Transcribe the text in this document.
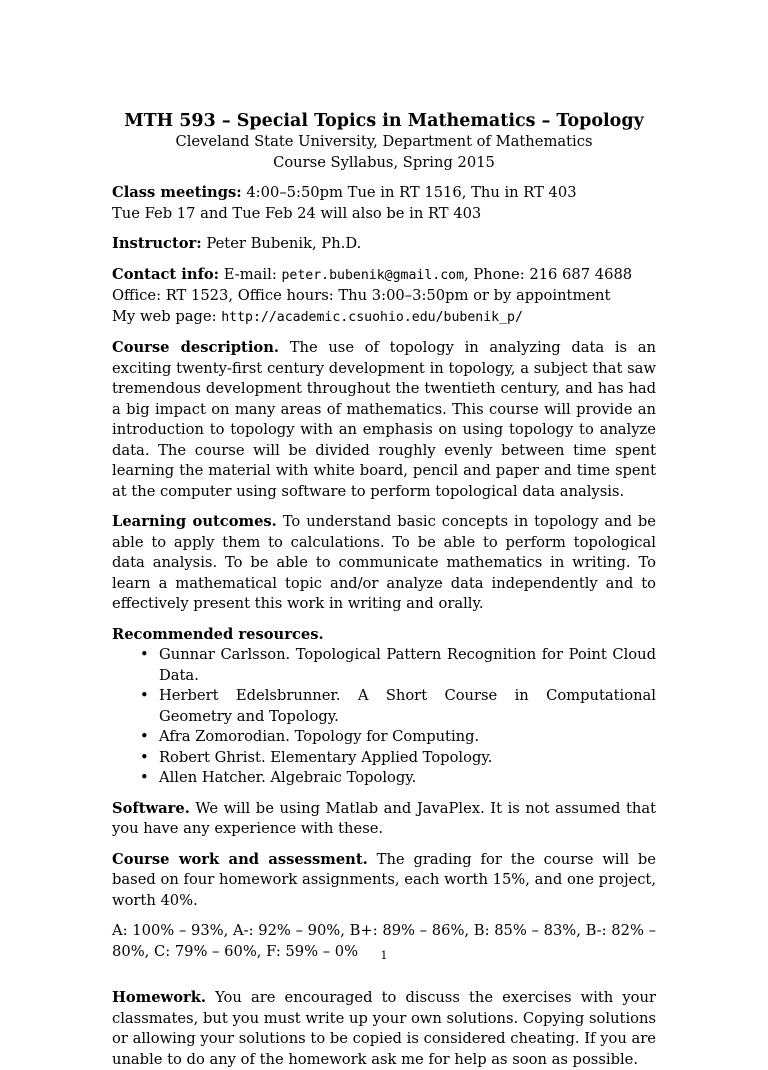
MTH 593 – Special Topics in Mathematics – Topology

Cleveland State University, Department of Mathematics

Course Syllabus, Spring 2015

Class meetings: 4:00–5:50pm Tue in RT 1516, Thu in RT 403

Tue Feb 17 and Tue Feb 24 will also be in RT 403

Instructor: Peter Bubenik, Ph.D.

Contact info: E-mail: peter.bubenik@gmail.com, Phone: 216 687 4688

Office: RT 1523, Office hours: Thu 3:00–3:50pm or by appointment

My web page: http://academic.csuohio.edu/bubenik_p/

Course description. The use of topology in analyzing data is an exciting twenty-first century development in topology, a subject that saw tremendous development throughout the twentieth century, and has had a big impact on many areas of mathematics. This course will provide an introduction to topology with an emphasis on using topology to analyze data. The course will be divided roughly evenly between time spent learning the material with white board, pencil and paper and time spent at the computer using software to perform topological data analysis.

Learning outcomes. To understand basic concepts in topology and be able to apply them to calculations. To be able to perform topological data analysis. To be able to communicate mathematics in writing. To learn a mathematical topic and/or analyze data independently and to effectively present this work in writing and orally.

Recommended resources.

• Gunnar Carlsson. Topological Pattern Recognition for Point Cloud Data.
• Herbert Edelsbrunner. A Short Course in Computational Geometry and Topology.
• Afra Zomorodian. Topology for Computing.
• Robert Ghrist. Elementary Applied Topology.
• Allen Hatcher. Algebraic Topology.

Software. We will be using Matlab and JavaPlex. It is not assumed that you have any experience with these.

Course work and assessment. The grading for the course will be based on four homework assignments, each worth 15%, and one project, worth 40%.

A: 100% – 93%, A-: 92% – 90%, B+: 89% – 86%, B: 85% – 83%, B-: 82% – 80%, C: 79% – 60%, F: 59% – 0%

Homework. You are encouraged to discuss the exercises with your classmates, but you must write up your own solutions. Copying solutions or allowing your solutions to be copied is considered cheating. If you are unable to do any of the homework ask me for help as soon as possible.

1
